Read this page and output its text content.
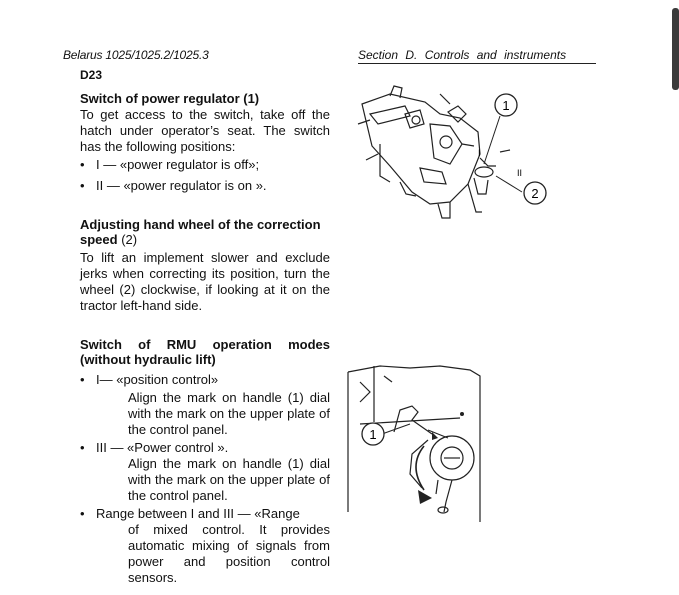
Belarus 1025/1025.2/1025.3	Section D. Controls and instruments
D23
Switch of power regulator (1)
To get access to the switch, take off the hatch under operator’s seat. The switch has the following positions:
• I — «power regulator is off»;
• II — «power regulator is on ».
Adjusting hand wheel of the correction speed (2)
To lift an implement slower and exclude jerks when correcting its position, turn the wheel (2) clockwise, if looking at it on the tractor left-hand side.
Switch of RMU operation modes (without hydraulic lift)
• I— «position control»
Align the mark on handle (1) dial with the mark on the upper plate of the control panel.
• III — «Power control ».
Align the mark on handle (1) dial with the mark on the upper plate of the control panel.
• Range between I and III — «Range
of mixed control. It provides automatic mixing of signals from power and position control sensors.
1
2
I
II
1
